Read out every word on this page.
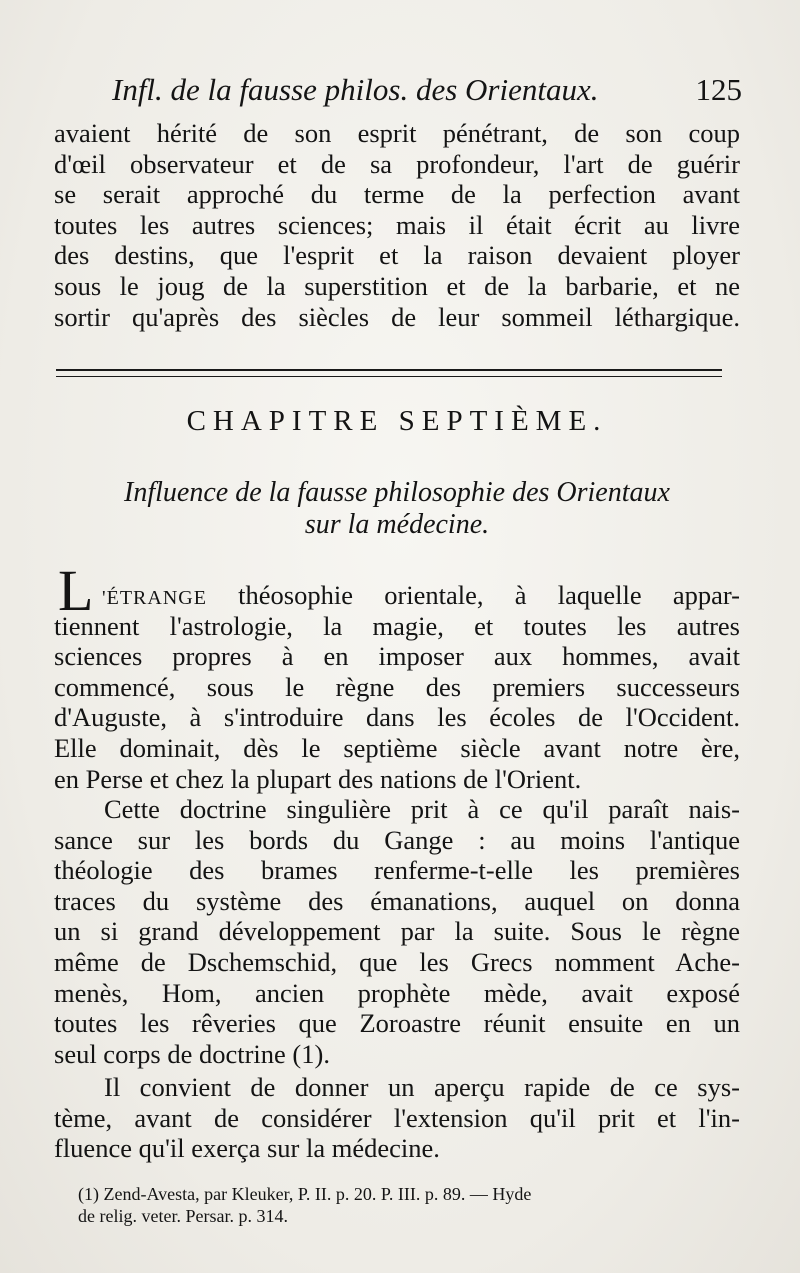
Infl. de la fausse philos. des Orientaux.	125
avaient hérité de son esprit pénétrant, de son coup
d'œil observateur et de sa profondeur, l'art de guérir
se serait approché du terme de la perfection avant
toutes les autres sciences; mais il était écrit au livre
des destins, que l'esprit et la raison devaient ployer
sous le joug de la superstition et de la barbarie, et ne
sortir qu'après des siècles de leur sommeil léthargique.
CHAPITRE SEPTIÈME.
Influence de la fausse philosophie des Orientaux
sur la médecine.
L 'ÉTRANGE théosophie orientale, à laquelle appar-
tiennent l'astrologie, la magie, et toutes les autres
sciences propres à en imposer aux hommes, avait
commencé, sous le règne des premiers successeurs
d'Auguste, à s'introduire dans les écoles de l'Occident.
Elle dominait, dès le septième siècle avant notre ère,
en Perse et chez la plupart des nations de l'Orient.
Cette doctrine singulière prit à ce qu'il paraît nais-
sance sur les bords du Gange : au moins l'antique
théologie des brames renferme-t-elle les premières
traces du système des émanations, auquel on donna
un si grand développement par la suite. Sous le règne
même de Dschemschid, que les Grecs nomment Ache-
menès, Hom, ancien prophète mède, avait exposé
toutes les rêveries que Zoroastre réunit ensuite en un
seul corps de doctrine (1).
Il convient de donner un aperçu rapide de ce sys-
tème, avant de considérer l'extension qu'il prit et l'in-
fluence qu'il exerça sur la médecine.
(1) Zend-Avesta, par Kleuker, P. II. p. 20. P. III. p. 89. — Hyde
de relig. veter. Persar. p. 314.
